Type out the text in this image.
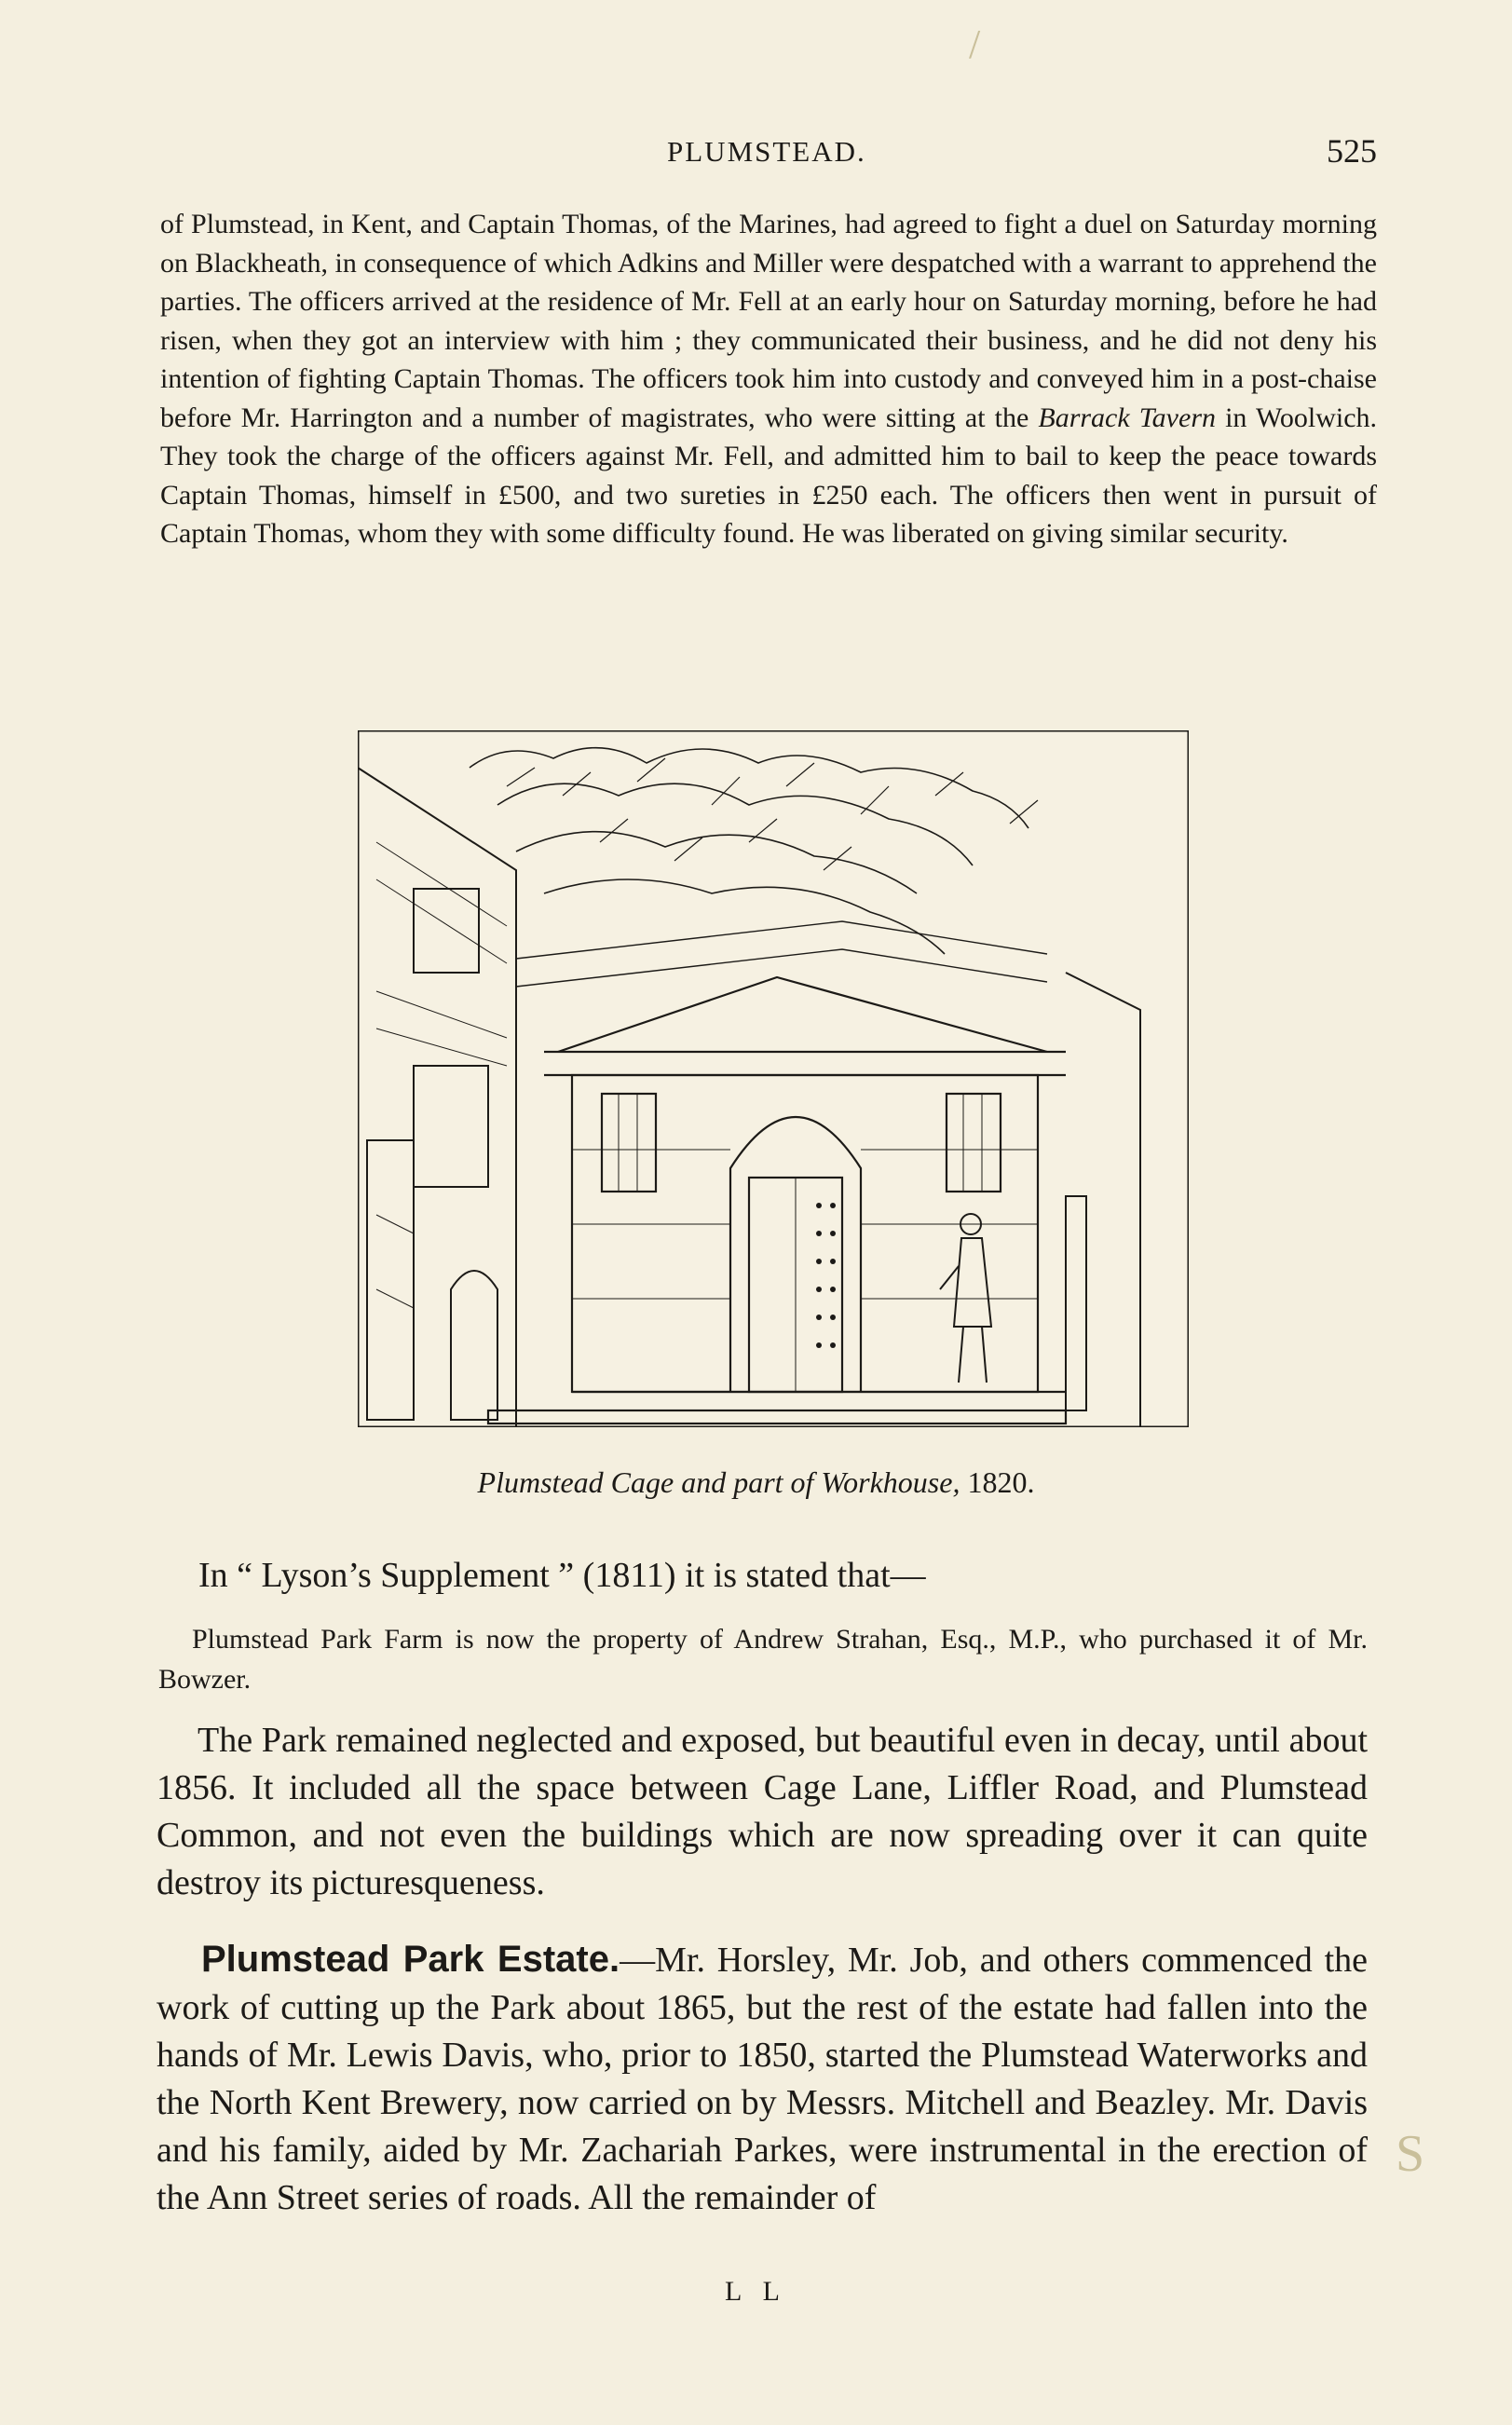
/
PLUMSTEAD.	525
of Plumstead, in Kent, and Captain Thomas, of the Marines, had agreed to fight a duel on Saturday morning on Blackheath, in consequence of which Adkins and Miller were despatched with a warrant to apprehend the parties. The officers arrived at the residence of Mr. Fell at an early hour on Saturday morning, before he had risen, when they got an interview with him ; they communicated their business, and he did not deny his intention of fighting Captain Thomas. The officers took him into custody and conveyed him in a post-chaise before Mr. Harrington and a number of magistrates, who were sitting at the Barrack Tavern in Woolwich. They took the charge of the officers against Mr. Fell, and admitted him to bail to keep the peace towards Captain Thomas, himself in £500, and two sureties in £250 each. The officers then went in pursuit of Captain Thomas, whom they with some difficulty found. He was liberated on giving similar security.
Plumstead Cage and part of Workhouse, 1820.
In “ Lyson’s Supplement ” (1811) it is stated that—
Plumstead Park Farm is now the property of Andrew Strahan, Esq., M.P., who purchased it of Mr. Bowzer.
The Park remained neglected and exposed, but beautiful even in decay, until about 1856. It included all the space between Cage Lane, Liffler Road, and Plumstead Common, and not even the buildings which are now spreading over it can quite destroy its picturesqueness.
Plumstead Park Estate.—Mr. Horsley, Mr. Job, and others commenced the work of cutting up the Park about 1865, but the rest of the estate had fallen into the hands of Mr. Lewis Davis, who, prior to 1850, started the Plumstead Waterworks and the North Kent Brewery, now carried on by Messrs. Mitchell and Beazley. Mr. Davis and his family, aided by Mr. Zachariah Parkes, were instrumental in the erection of the Ann Street series of roads. All the remainder of
S
L L
